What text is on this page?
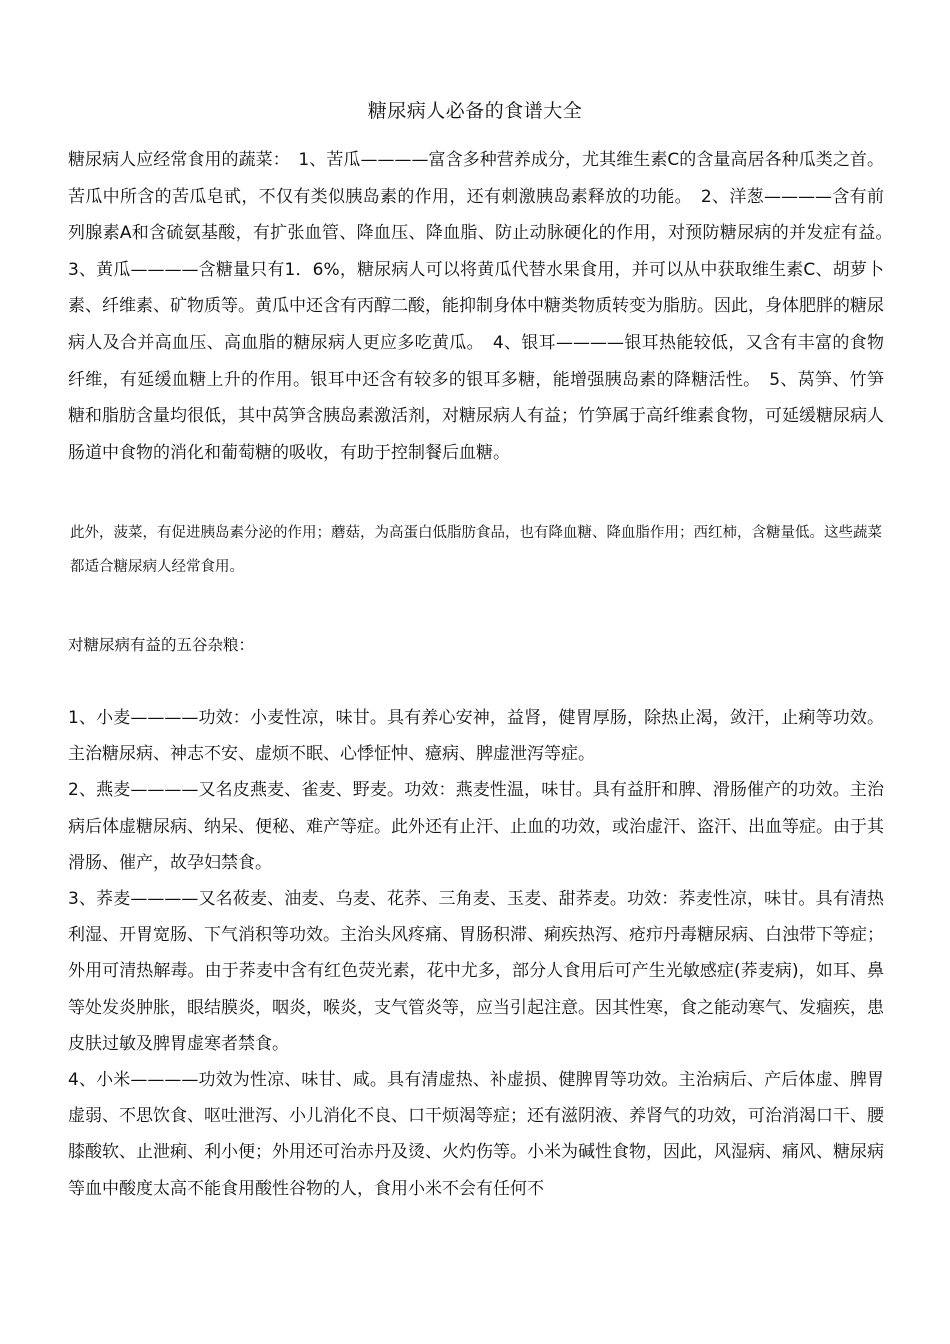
糖尿病人必备的食谱大全

糖尿病人应经常食用的蔬菜：　1、苦瓜————富含多种营养成分，尤其维生素C的含量高居各种瓜类之首。苦瓜中所含的苦瓜皂甙，不仅有类似胰岛素的作用，还有刺激胰岛素释放的功能。　2、洋葱————含有前列腺素A和含硫氨基酸，有扩张血管、降血压、降血脂、防止动脉硬化的作用，对预防糖尿病的并发症有益。　3、黄瓜————含糖量只有1．6%，糖尿病人可以将黄瓜代替水果食用，并可以从中获取维生素C、胡萝卜素、纤维素、矿物质等。黄瓜中还含有丙醇二酸，能抑制身体中糖类物质转变为脂肪。因此，身体肥胖的糖尿病人及合并高血压、高血脂的糖尿病人更应多吃黄瓜。　4、银耳————银耳热能较低，又含有丰富的食物纤维，有延缓血糖上升的作用。银耳中还含有较多的银耳多糖，能增强胰岛素的降糖活性。　5、莴笋、竹笋糖和脂肪含量均很低，其中莴笋含胰岛素激活剂，对糖尿病人有益；竹笋属于高纤维素食物，可延缓糖尿病人肠道中食物的消化和葡萄糖的吸收，有助于控制餐后血糖。

此外，菠菜，有促进胰岛素分泌的作用；蘑菇，为高蛋白低脂肪食品，也有降血糖、降血脂作用；西红柿，含糖量低。这些蔬菜都适合糖尿病人经常食用。

对糖尿病有益的五谷杂粮：

1、小麦————功效：小麦性凉，味甘。具有养心安神，益肾，健胃厚肠，除热止渴，敛汗，止痢等功效。主治糖尿病、神志不安、虚烦不眠、心悸怔忡、癔病、脾虚泄泻等症。

2、燕麦————又名皮燕麦、雀麦、野麦。功效：燕麦性温，味甘。具有益肝和脾、滑肠催产的功效。主治病后体虚糖尿病、纳呆、便秘、难产等症。此外还有止汗、止血的功效，或治虚汗、盗汗、出血等症。由于其滑肠、催产，故孕妇禁食。

3、荞麦————又名莜麦、油麦、乌麦、花荞、三角麦、玉麦、甜荞麦。功效：荞麦性凉，味甘。具有清热利湿、开胃宽肠、下气消积等功效。主治头风疼痛、胃肠积滞、痢疾热泻、疮疖丹毒糖尿病、白浊带下等症；外用可清热解毒。由于荞麦中含有红色荧光素，花中尤多，部分人食用后可产生光敏感症(荞麦病)，如耳、鼻等处发炎肿胀，眼结膜炎，咽炎，喉炎，支气管炎等，应当引起注意。因其性寒，食之能动寒气、发痼疾，患皮肤过敏及脾胃虚寒者禁食。

4、小米————功效为性凉、味甘、咸。具有清虚热、补虚损、健脾胃等功效。主治病后、产后体虚、脾胃虚弱、不思饮食、呕吐泄泻、小儿消化不良、口干烦渴等症；还有滋阴液、养肾气的功效，可治消渴口干、腰膝酸软、止泄痢、利小便；外用还可治赤丹及烫、火灼伤等。小米为碱性食物，因此，风湿病、痛风、糖尿病等血中酸度太高不能食用酸性谷物的人，食用小米不会有任何不
